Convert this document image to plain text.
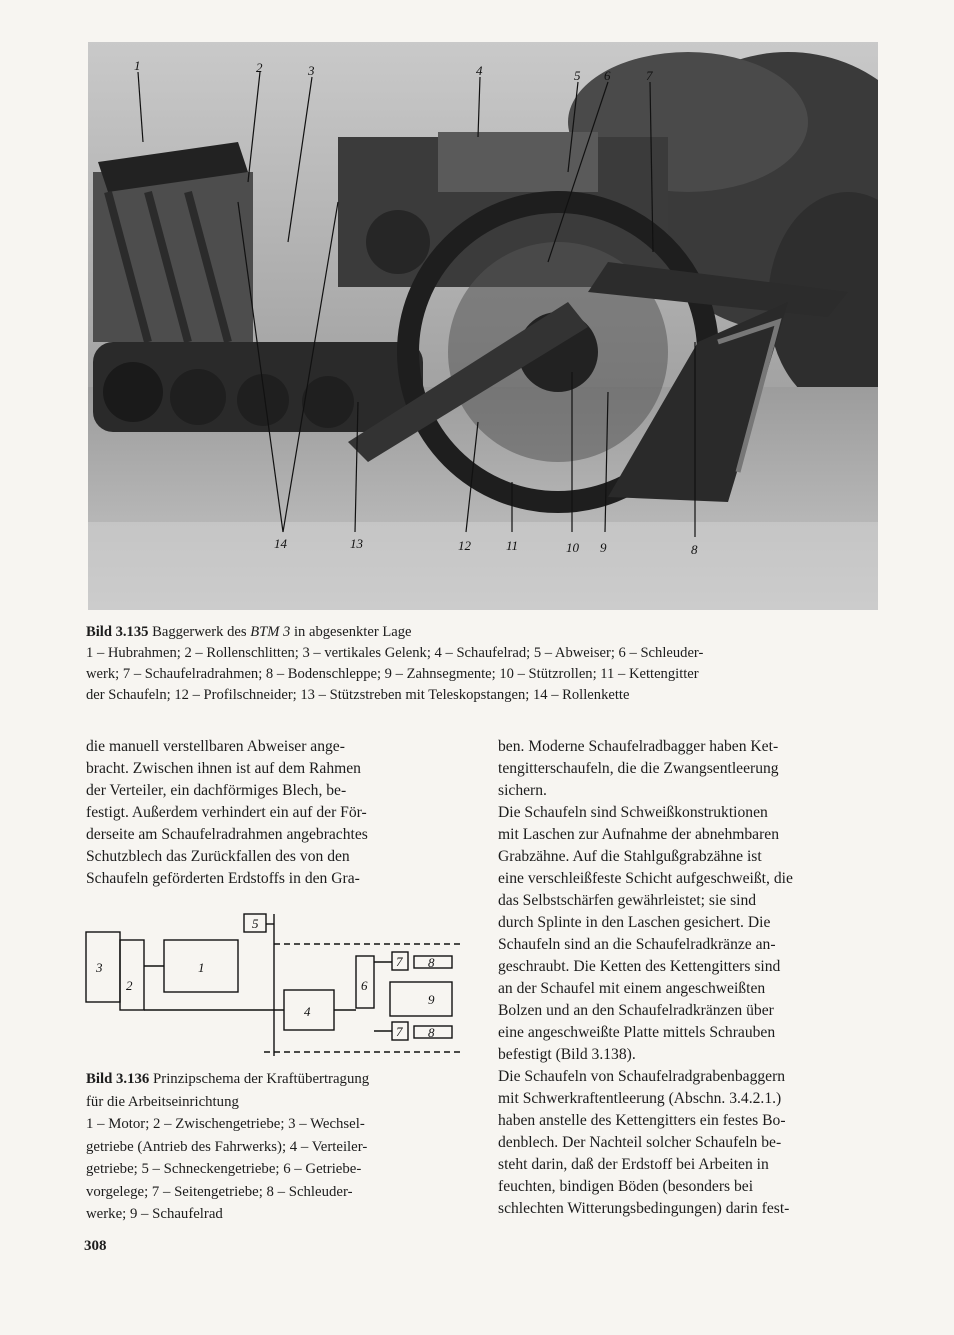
1	2	3	4	5 6	7
14	13	12	11	10 9	8
Bild 3.135 Baggerwerk des BTM 3 in abgesenkter Lage
1 – Hubrahmen; 2 – Rollenschlitten; 3 – vertikales Gelenk; 4 – Schaufelrad; 5 – Abweiser; 6 – Schleuder-
werk; 7 – Schaufelradrahmen; 8 – Bodenschleppe; 9 – Zahnsegmente; 10 – Stützrollen; 11 – Kettengitter
der Schaufeln; 12 – Profilschneider; 13 – Stützstreben mit Teleskopstangen; 14 – Rollenkette

die manuell verstellbaren Abweiser ange-

bracht. Zwischen ihnen ist auf dem Rahmen

der Verteiler, ein dachförmiges Blech, be-

festigt. Außerdem verhindert ein auf der För-

derseite am Schaufelradrahmen angebrachtes

Schutzblech das Zurückfallen des von den

Schaufeln geförderten Erdstoffs in den Gra-

3
2
1
4
5
6
7
7
8
8
9
Bild 3.136 Prinzipschema der Kraftübertragung
für die Arbeitseinrichtung
1 – Motor; 2 – Zwischengetriebe; 3 – Wechsel-
getriebe (Antrieb des Fahrwerks); 4 – Verteiler-
getriebe; 5 – Schneckengetriebe; 6 – Getriebe-
vorgelege; 7 – Seitengetriebe; 8 – Schleuder-
werke; 9 – Schaufelrad

ben. Moderne Schaufelradbagger haben Ket-

tengitterschaufeln, die die Zwangsentleerung

sichern.

Die Schaufeln sind Schweißkonstruktionen

mit Laschen zur Aufnahme der abnehmbaren

Grabzähne. Auf die Stahlgußgrabzähne ist

eine verschleißfeste Schicht aufgeschweißt, die

das Selbstschärfen gewährleistet; sie sind

durch Splinte in den Laschen gesichert. Die

Schaufeln sind an die Schaufelradkränze an-

geschraubt. Die Ketten des Kettengitters sind

an der Schaufel mit einem angeschweißten

Bolzen und an den Schaufelradkränzen über

eine angeschweißte Platte mittels Schrauben

befestigt (Bild 3.138).

Die Schaufeln von Schaufelradgrabenbaggern

mit Schwerkraftentleerung (Abschn. 3.4.2.1.)

haben anstelle des Kettengitters ein festes Bo-

denblech. Der Nachteil solcher Schaufeln be-

steht darin, daß der Erdstoff bei Arbeiten in

feuchten, bindigen Böden (besonders bei

schlechten Witterungsbedingungen) darin fest-

308
